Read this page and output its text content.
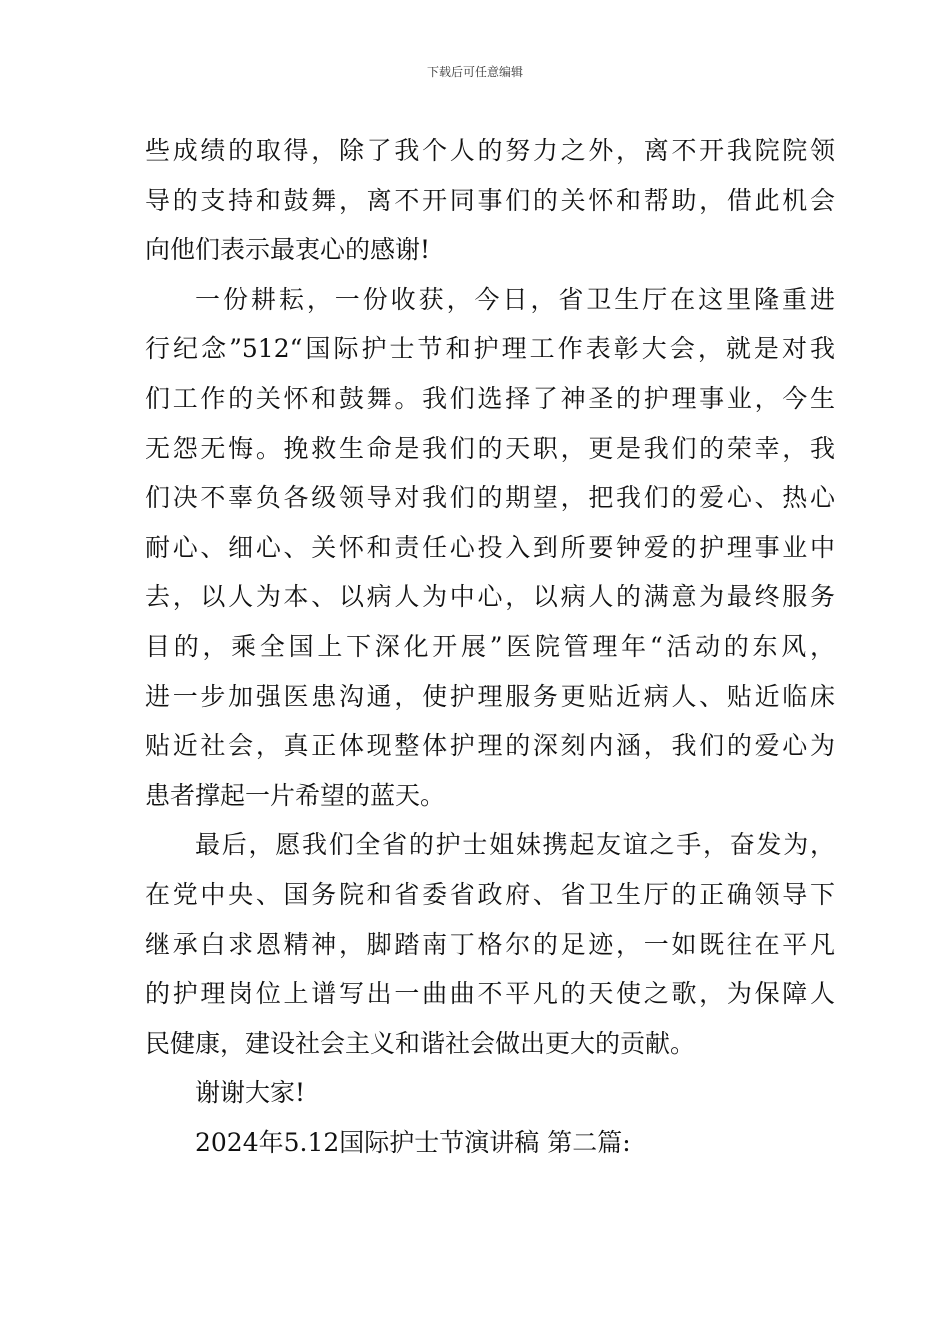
下载后可任意编辑
些成绩的取得，除了我个人的努力之外，离不开我院院领
导的支持和鼓舞，离不开同事们的关怀和帮助，借此机会
向他们表示最衷心的感谢!
一份耕耘，一份收获，今日，省卫生厅在这里隆重进
行纪念”512“国际护士节和护理工作表彰大会，就是对我
们工作的关怀和鼓舞。我们选择了神圣的护理事业，今生
无怨无悔。挽救生命是我们的天职，更是我们的荣幸，我
们决不辜负各级领导对我们的期望，把我们的爱心、热心
耐心、细心、关怀和责任心投入到所要钟爱的护理事业中
去，以人为本、以病人为中心，以病人的满意为最终服务
目的，乘全国上下深化开展”医院管理年“活动的东风，
进一步加强医患沟通，使护理服务更贴近病人、贴近临床
贴近社会，真正体现整体护理的深刻内涵，我们的爱心为
患者撑起一片希望的蓝天。
最后，愿我们全省的护士姐妹携起友谊之手，奋发为，
在党中央、国务院和省委省政府、省卫生厅的正确领导下
继承白求恩精神，脚踏南丁格尔的足迹，一如既往在平凡
的护理岗位上谱写出一曲曲不平凡的天使之歌，为保障人
民健康，建设社会主义和谐社会做出更大的贡献。
谢谢大家!
2024年5.12国际护士节演讲稿 第二篇:
